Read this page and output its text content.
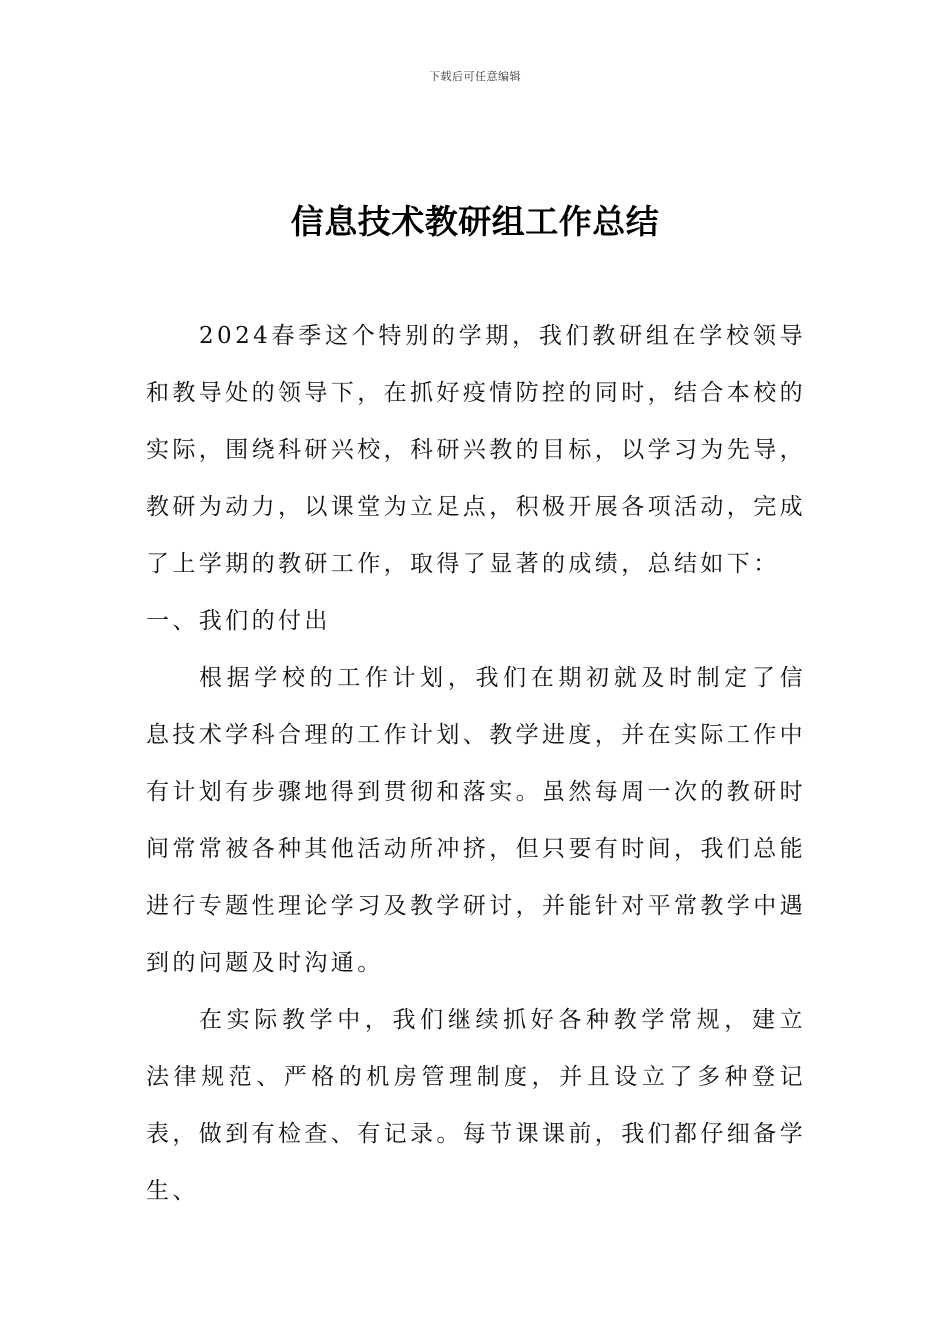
下载后可任意编辑
信息技术教研组工作总结

2024春季这个特别的学期，我们教研组在学校领导和教导处的领导下，在抓好疫情防控的同时，结合本校的实际，围绕科研兴校，科研兴教的目标，以学习为先导，教研为动力，以课堂为立足点，积极开展各项活动，完成了上学期的教研工作，取得了显著的成绩，总结如下：

一、我们的付出

根据学校的工作计划，我们在期初就及时制定了信息技术学科合理的工作计划、教学进度，并在实际工作中有计划有步骤地得到贯彻和落实。虽然每周一次的教研时间常常被各种其他活动所冲挤，但只要有时间，我们总能进行专题性理论学习及教学研讨，并能针对平常教学中遇到的问题及时沟通。

在实际教学中，我们继续抓好各种教学常规，建立法律规范、严格的机房管理制度，并且设立了多种登记表，做到有检查、有记录。每节课课前，我们都仔细备学生、
